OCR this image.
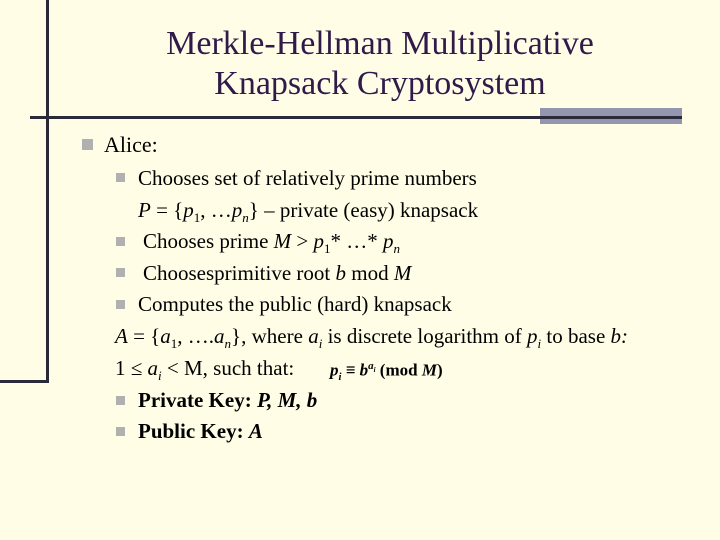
Merkle-Hellman Multiplicative
Knapsack Cryptosystem
Alice:
Chooses set of relatively prime numbers
$P = \{p_1$, $\dots p_n$} – private (easy) knapsack
Chooses prime $M > p_1*$ …* $p_n$
Choosesprimitive root b mod M
Computes the public (hard) knapsack
$A = \{a_1$, $\dots.a_n$}, where $a_i$ is discrete logarithm of $p_i$ to base b:
$1 \le a_i < M$, such that: $p_i \equiv b^{a_i}$ (mod M)
Private Key: P, M, b
Public Key: A
